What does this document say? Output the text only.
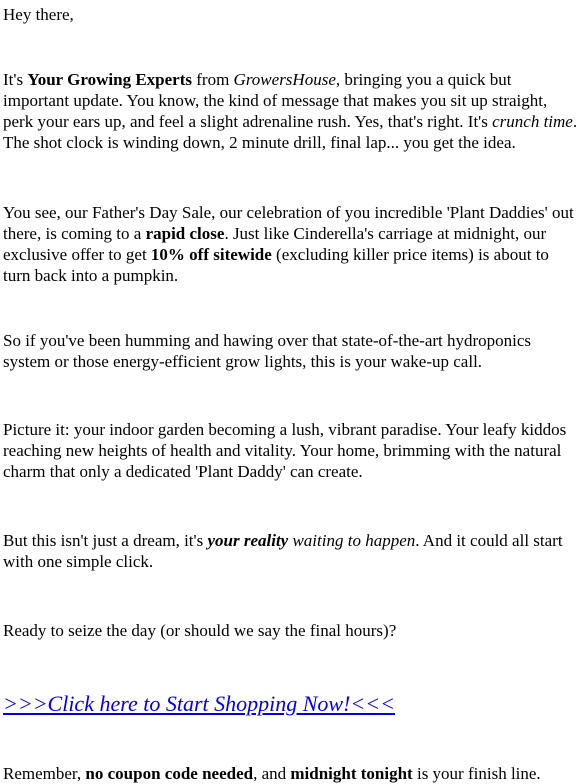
Hey there,

It's Your Growing Experts from GrowersHouse, bringing you a quick but important update. You know, the kind of message that makes you sit up straight, perk your ears up, and feel a slight adrenaline rush. Yes, that's right. It's crunch time. The shot clock is winding down, 2 minute drill, final lap... you get the idea.

You see, our Father's Day Sale, our celebration of you incredible 'Plant Daddies' out there, is coming to a rapid close. Just like Cinderella's carriage at midnight, our exclusive offer to get 10% off sitewide (excluding killer price items) is about to turn back into a pumpkin.

So if you've been humming and hawing over that state-of-the-art hydroponics system or those energy-efficient grow lights, this is your wake-up call.

Picture it: your indoor garden becoming a lush, vibrant paradise. Your leafy kiddos reaching new heights of health and vitality. Your home, brimming with the natural charm that only a dedicated 'Plant Daddy' can create.

But this isn't just a dream, it's your reality waiting to happen. And it could all start with one simple click.

Ready to seize the day (or should we say the final hours)?

>>>Click here to Start Shopping Now!<<<

Remember, no coupon code needed, and midnight tonight is your finish line.
